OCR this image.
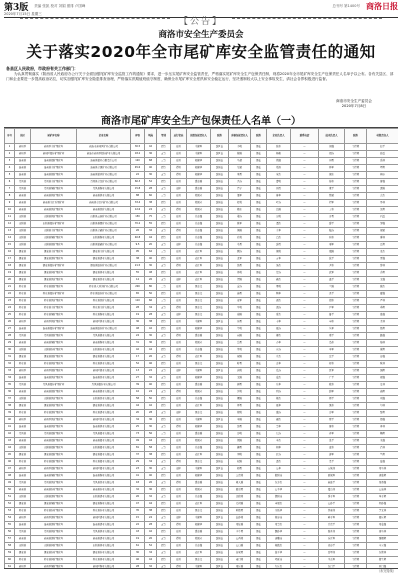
第3版 责编 张凯 校对 刘娟 照排 卢国峰	总刊号 第1400号 商洛日报
2020年7月15日 星期三
【公告】
商洛市安全生产委员会
关于落实2020年全市尾矿库安全监管责任的通知
各县区人民政府，市政府有关工作部门：
为认真贯彻落实《陕西省人民政府办公厅关于全面加强尾矿库安全监管工作的通知》要求，进一步压实尾矿库安全监管责任，严格落实尾矿库安全生产包保责任制，现将2020年全市尾矿库安全生产包保责任人名单予以公布。各有关县区、部门和企业要进一步提高政治站位，切实加强尾矿库安全隐患排查治理，严格落实汛期值班值守制度，确保全市尾矿库安全度汛和安全稳定运行，坚决遏制较大以上安全事故发生，请社会各界积极进行监督。
商洛市安全生产委员会
2020年7月8日
商洛市尾矿库安全生产包保责任人名单（一）
序号	县区	尾矿库名称	企业名称	库容	坝高	等别	运行状态	县级包保责任人	职务	乡镇包保责任人	职务	企业负责人	联系电话	技术负责人	职务	村组责任人
1	商州区	商州区金矿尾矿库	商洛市商州区矿业有限公司	30.5	42	四等	在用	王建军	副区长	李明	镇长	张伟	—	刘强	工程师	赵平
2	商州区	商州区铅锌矿尾矿库	商洛市商州区铅锌矿业有限公司	18.2	36	五等	在用	王建军	副区长	陈刚	镇长	杨帆	—	周涛	工程师	孙磊
3	洛南县	洛南县钼矿尾矿库	洛南县钼业有限责任公司	120	68	三等	在用	刘建华	副县长	马超	镇长	郭峰	—	何勇	工程师	高林
4	洛南县	洛南县金矿尾矿库	洛南县金源矿业有限公司	45.6	40	四等	停用	刘建华	副县长	吴斌	镇长	郑浩	—	林军	工程师	罗辉
5	洛南县	洛南县银矿尾矿库	洛南县银河矿业有限公司	22	30	五等	停用	刘建华	副县长	梁勇	镇长	宋杰	—	谢东	工程师	韩冰
6	丹凤县	丹凤县金矿尾矿库	丹凤县金龙矿业有限公司	60.3	52	四等	在用	唐志刚	副县长	冯涛	镇长	曹明	—	彭伟	工程师	曾强
7	丹凤县	丹凤县铜矿尾矿库	丹凤县铜业有限公司	15.8	28	五等	闭库	唐志刚	副县长	肖宁	镇长	田亮	—	董平	工程师	袁刚
8	商南县	商南县钒矿尾矿库	商南县钒业有限公司	88	60	三等	在用	邓国庆	副县长	潘军	镇长	蒋华	—	蔡斌	工程师	余杰
9	商南县	商南县金红石尾矿库	商南县金红石矿业有限公司	33.4	38	四等	在用	邓国庆	副县长	杜明	镇长	叶涛	—	程军	工程师	苏林
10	商南县	商南县铁矿尾矿库	商南县铁矿有限公司	12.6	24	五等	停用	邓国庆	副县长	魏东	镇长	吕刚	—	丁伟	工程师	沈辉
11	山阳县	山阳县钒矿尾矿库	山阳县五洲矿业有限公司	150	75	三等	在用	任志强	副县长	姜涛	镇长	范明	—	方勇	工程师	石磊
12	山阳县	山阳县铅锌矿尾矿库	山阳县秦鼎矿业有限公司	70.2	55	四等	在用	任志强	副县长	姚军	镇长	谭杰	—	廖平	工程师	邹强
13	山阳县	山阳县金矿尾矿库	山阳县金鑫矿业有限公司	26	32	五等	停用	任志强	副县长	熊刚	镇长	金华	—	陆涛	工程师	郝斌
14	山阳县	山阳县铜矿尾矿库	山阳县铜业有限公司	40.8	44	四等	在用	任志强	副县长	孔明	镇长	白杰	—	崔伟	工程师	康林
15	山阳县	山阳县银矿尾矿库	山阳县银鑫矿业有限公司	9.5	20	五等	闭库	任志强	副县长	毛勇	镇长	邱亮	—	秦军	工程师	江辉
16	镇安县	镇安县金矿尾矿库	镇安县金矿有限公司	95	62	三等	在用	史红军	副县长	顾涛	镇长	侯明	—	邵刚	工程师	孟杰
17	镇安县	镇安县锑矿尾矿库	镇安县锑业有限公司	38	40	四等	在用	史红军	副县长	龙军	镇长	万华	—	段平	工程师	雷强
18	镇安县	镇安县铅锌矿尾矿库	镇安县铅锌矿业有限公司	21.5	30	五等	停用	史红军	副县长	钱勇	镇长	汤杰	—	尹伟	工程师	黎林
19	镇安县	镇安县钨矿尾矿库	镇安县钨业有限公司	55	48	四等	在用	史红军	副县长	易明	镇长	常涛	—	武军	工程师	乔辉
20	镇安县	镇安县铁矿尾矿库	镇安县铁业有限公司	14	26	五等	闭库	史红军	副县长	贺刚	镇长	赖杰	—	龚平	工程师	文强
21	柞水县	柞水县银矿尾矿库	柞水县大西沟矿业有限公司	200	80	二等	在用	黄志文	副县长	庞涛	镇长	樊明	—	兰刚	工程师	殷杰
22	柞水县	柞水县铅锌矿尾矿库	柞水县铅锌矿业有限公司	65	50	四等	在用	黄志文	副县长	施勇	镇长	陶华	—	洪平	工程师	翟强
23	柞水县	柞水县铁矿尾矿库	柞水县铁矿有限公司	110	66	三等	在用	黄志文	副县长	安军	镇长	颜杰	—	倪伟	工程师	严林
24	柞水县	柞水县金矿尾矿库	柞水县金矿有限公司	28	34	五等	停用	黄志文	副县长	牛明	镇长	温涛	—	芦军	工程师	季辉
25	柞水县	柞水县铜矿尾矿库	柞水县铜业有限公司	19	28	五等	闭库	黄志文	副县长	俞刚	镇长	章杰	—	鲁平	工程师	葛强
26	商州区	商州区钒矿尾矿库	商州区钒业有限公司	36	38	四等	在用	王建军	副区长	伍勇	镇长	韦华	—	申伟	工程师	尤林
27	洛南县	洛南县铅锌矿尾矿库	洛南县铅锌矿业有限公司	48	42	四等	在用	刘建华	副县长	毕明	镇长	聂涛	—	丛军	工程师	焦辉
28	丹凤县	丹凤县银矿尾矿库	丹凤县银业有限公司	24	30	五等	停用	唐志刚	副县长	向刚	镇长	柳杰	—	邢平	工程师	路强
29	商南县	商南县铜矿尾矿库	商南县铜业有限公司	31	36	四等	在用	邓国庆	副县长	岳勇	镇长	齐华	—	沿伟	工程师	梅林
30	山阳县	山阳县锌矿尾矿库	山阳县锌业有限公司	42	44	四等	在用	任志强	副县长	莫明	镇长	庄涛	—	辛军	工程师	管辉
31	镇安县	镇安县银矿尾矿库	镇安县银业有限公司	17	26	五等	停用	史红军	副县长	祝刚	镇长	左杰	—	涂平	工程师	谷强
32	柞水县	柞水县钒矿尾矿库	柞水县钒业有限公司	52	46	四等	在用	黄志文	副县长	时勇	镇长	古华	—	舒伟	工程师	耿林
33	商州区	商州区银矿尾矿库	商州区银业有限公司	13	22	五等	闭库	王建军	副区长	满明	镇长	弘涛	—	匡军	工程师	国辉
34	洛南县	洛南县铁矿尾矿库	洛南县铁业有限公司	27	32	五等	在用	刘建华	副县长	文刚	镇长	寇杰	—	广平	工程师	禄强
35	丹凤县	丹凤县铅锌矿尾矿库	丹凤县铅锌业有限公司	39	40	四等	在用	唐志刚	副县长	阙勇	镇长	东华	—	欧伟	工程师	殳林
36	商南县	商南县银矿尾矿库	商南县银业有限公司	16	24	五等	停用	邓国庆	副县长	沃明	镇长	利涛	—	蔚军	工程师	越辉
37	山阳县	山阳县铁矿尾矿库	山阳县铁业有限公司	58	50	四等	在用	任志强	副县长	夔刚	镇长	隆杰	—	师平	工程师	巩强
38	镇安县	镇安县钒矿尾矿库	镇安县钒业有限公司	44	42	四等	在用	史红军	副县长	厍勇	镇长	聂华	—	晁伟	工程师	勾林
39	柞水县	柞水县锑矿尾矿库	柞水县锑业有限公司	20	28	五等	闭库	黄志文	副县长	敖明	镇长	融涛	—	冷军	工程师	訾辉
40	商州区	商州区铁矿尾矿库	商州区铁业有限公司	34	36	四等	在用	王建军	副区长	辛刚	镇长	阚杰	—	那平	工程师	简强
41	洛南县	洛南县钒矿尾矿库	洛南县钒业有限公司	25	30	五等	停用	刘建华	副县长	饶勇	镇长	空华	—	曾伟	工程师	毋林
42	丹凤县	丹凤县钼矿尾矿库	丹凤县钼业有限公司	73	56	三等	在用	唐志刚	副县长	沙明	镇长	乜涛	—	养军	工程师	鞠辉
43	商南县	商南县钼矿尾矿库	商南县钼业有限公司	49	44	四等	在用	邓国庆	副县长	须刚	镇长	丰杰	—	巢平	工程师	关强
44	山阳县	山阳县钼矿尾矿库	山阳县钼业有限公司	81	58	三等	在用	任志强	副县长	蒯勇	镇长	相华	—	查伟	工程师	后林
45	镇安县	镇安县钼矿尾矿库	镇安县钼业有限公司	37	38	四等	在用	史红军	副县长	荆明	镇长	红涛	—	游军	工程师	竺辉
46	柞水县	柞水县钼矿尾矿库	柞水县钼业有限公司	29	34	五等	停用	黄志文	副县长	权刚	镇长	逯杰	—	盖平	工程师	益强
47	商州区	商州区钼矿尾矿库	商州区钼业有限公司	23	30	五等	闭库	王建军	副区长	桓勇	镇长	公华	—	万俟伟	工程师	司马林
48	洛南县	洛南县铜矿尾矿库	洛南县铜业有限公司	41	40	四等	在用	刘建华	副县长	上官明	镇长	欧阳涛	—	夏侯军	工程师	诸葛辉
49	丹凤县	丹凤县铁矿尾矿库	丹凤县铁业有限公司	18	26	五等	停用	唐志刚	副县长	闻人刚	镇长	东方杰	—	赫连平	工程师	皇甫强
50	商南县	商南县锌矿尾矿库	商南县锌业有限公司	32	36	四等	在用	邓国庆	副县长	尉迟勇	镇长	公羊华	—	澹台伟	工程师	公冶林
51	山阳县	山阳县锑矿尾矿库	山阳县锑业有限公司	26	32	五等	在用	任志强	副县长	宗政明	镇长	濮阳涛	—	淳于军	工程师	单于辉
52	镇安县	镇安县铜矿尾矿库	镇安县铜业有限公司	47	44	四等	在用	史红军	副县长	太叔刚	镇长	申屠杰	—	公孙平	工程师	仲孙强
53	柞水县	柞水县锌矿尾矿库	柞水县锌业有限公司	35	38	四等	在用	黄志文	副县长	轩辕勇	镇长	令狐华	—	钟离伟	工程师	宇文林
54	商州区	商州区锑矿尾矿库	商州区锑业有限公司	15	24	五等	闭库	王建军	副区长	长孙明	镇长	慕容涛	—	鲜于军	工程师	闾丘辉
55	洛南县	洛南县锑矿尾矿库	洛南县锑业有限公司	22	28	五等	停用	刘建华	副县长	司徒刚	镇长	司空杰	—	亓官平	工程师	司寇强
56	丹凤县	丹凤县钒矿尾矿库	丹凤县钒业有限公司	43	42	四等	在用	唐志刚	副县长	子车勇	镇长	颛孙华	—	端木伟	工程师	巫马林
57	商南县	商南县锑矿尾矿库	商南县锑业有限公司	19	26	五等	停用	邓国庆	副县长	公西明	镇长	漆雕涛	—	乐正军	工程师	壤驷辉
58	山阳县	山阳县钨矿尾矿库	山阳县钨业有限公司	61	52	四等	在用	任志强	副县长	公良刚	镇长	拓跋杰	—	夹谷平	工程师	宰父强
59	镇安县	镇安县锌矿尾矿库	镇安县锌业有限公司	30	34	五等	在用	史红军	副县长	谷梁勇	镇长	段干华	—	百里伟	工程师	东郭林
60	柞水县	柞水县钨矿尾矿库	柞水县钨业有限公司	46	44	四等	在用	黄志文	副县长	南门明	镇长	呼延涛	—	羊舌军	工程师	微生辉
61	商州区	商州区铜矿尾矿库	商州区铜业有限公司	28	32	五等	停用	王建军	副区长	梁丘刚	镇长	左丘杰	—	东门平	工程师	西门强

（未完待续）
